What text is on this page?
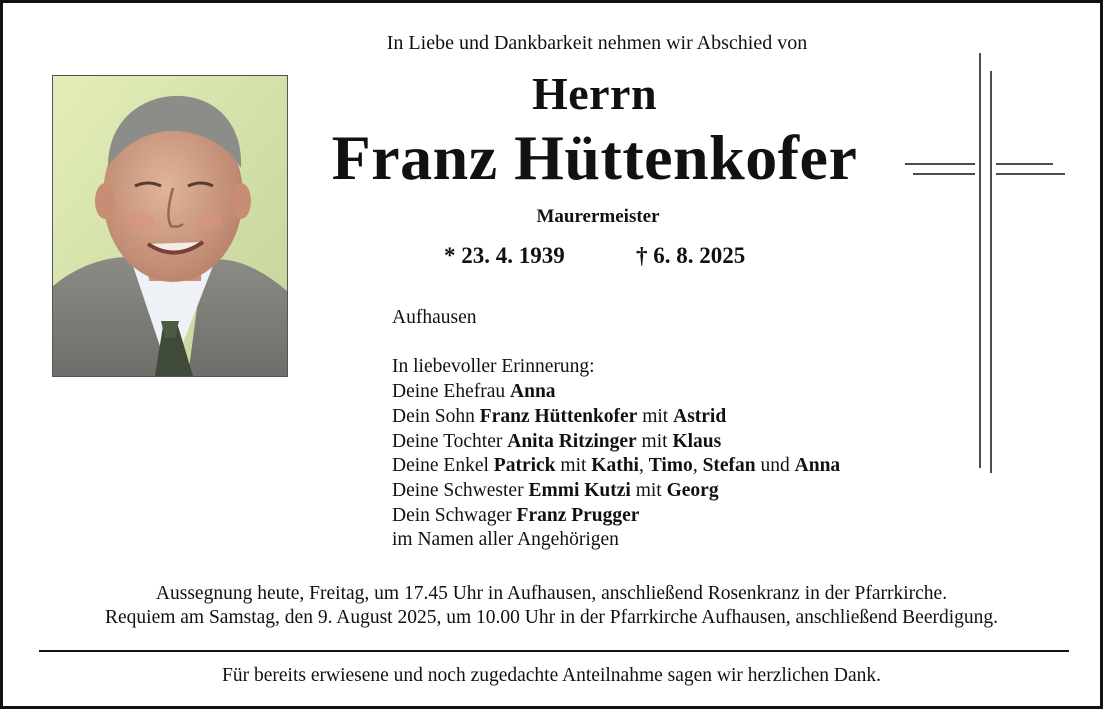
In Liebe und Dankbarkeit nehmen wir Abschied von
Herrn
Franz Hüttenkofer
Maurermeister
* 23. 4. 1939	† 6. 8. 2025
Aufhausen
In liebevoller Erinnerung:
Deine Ehefrau Anna
Dein Sohn Franz Hüttenkofer mit Astrid
Deine Tochter Anita Ritzinger mit Klaus
Deine Enkel Patrick mit Kathi, Timo, Stefan und Anna
Deine Schwester Emmi Kutzi mit Georg
Dein Schwager Franz Prugger
im Namen aller Angehörigen
Aussegnung heute, Freitag, um 17.45 Uhr in Aufhausen, anschließend Rosenkranz in der Pfarrkirche.
Requiem am Samstag, den 9. August 2025, um 10.00 Uhr in der Pfarrkirche Aufhausen, anschließend Beerdigung.
Für bereits erwiesene und noch zugedachte Anteilnahme sagen wir herzlichen Dank.
